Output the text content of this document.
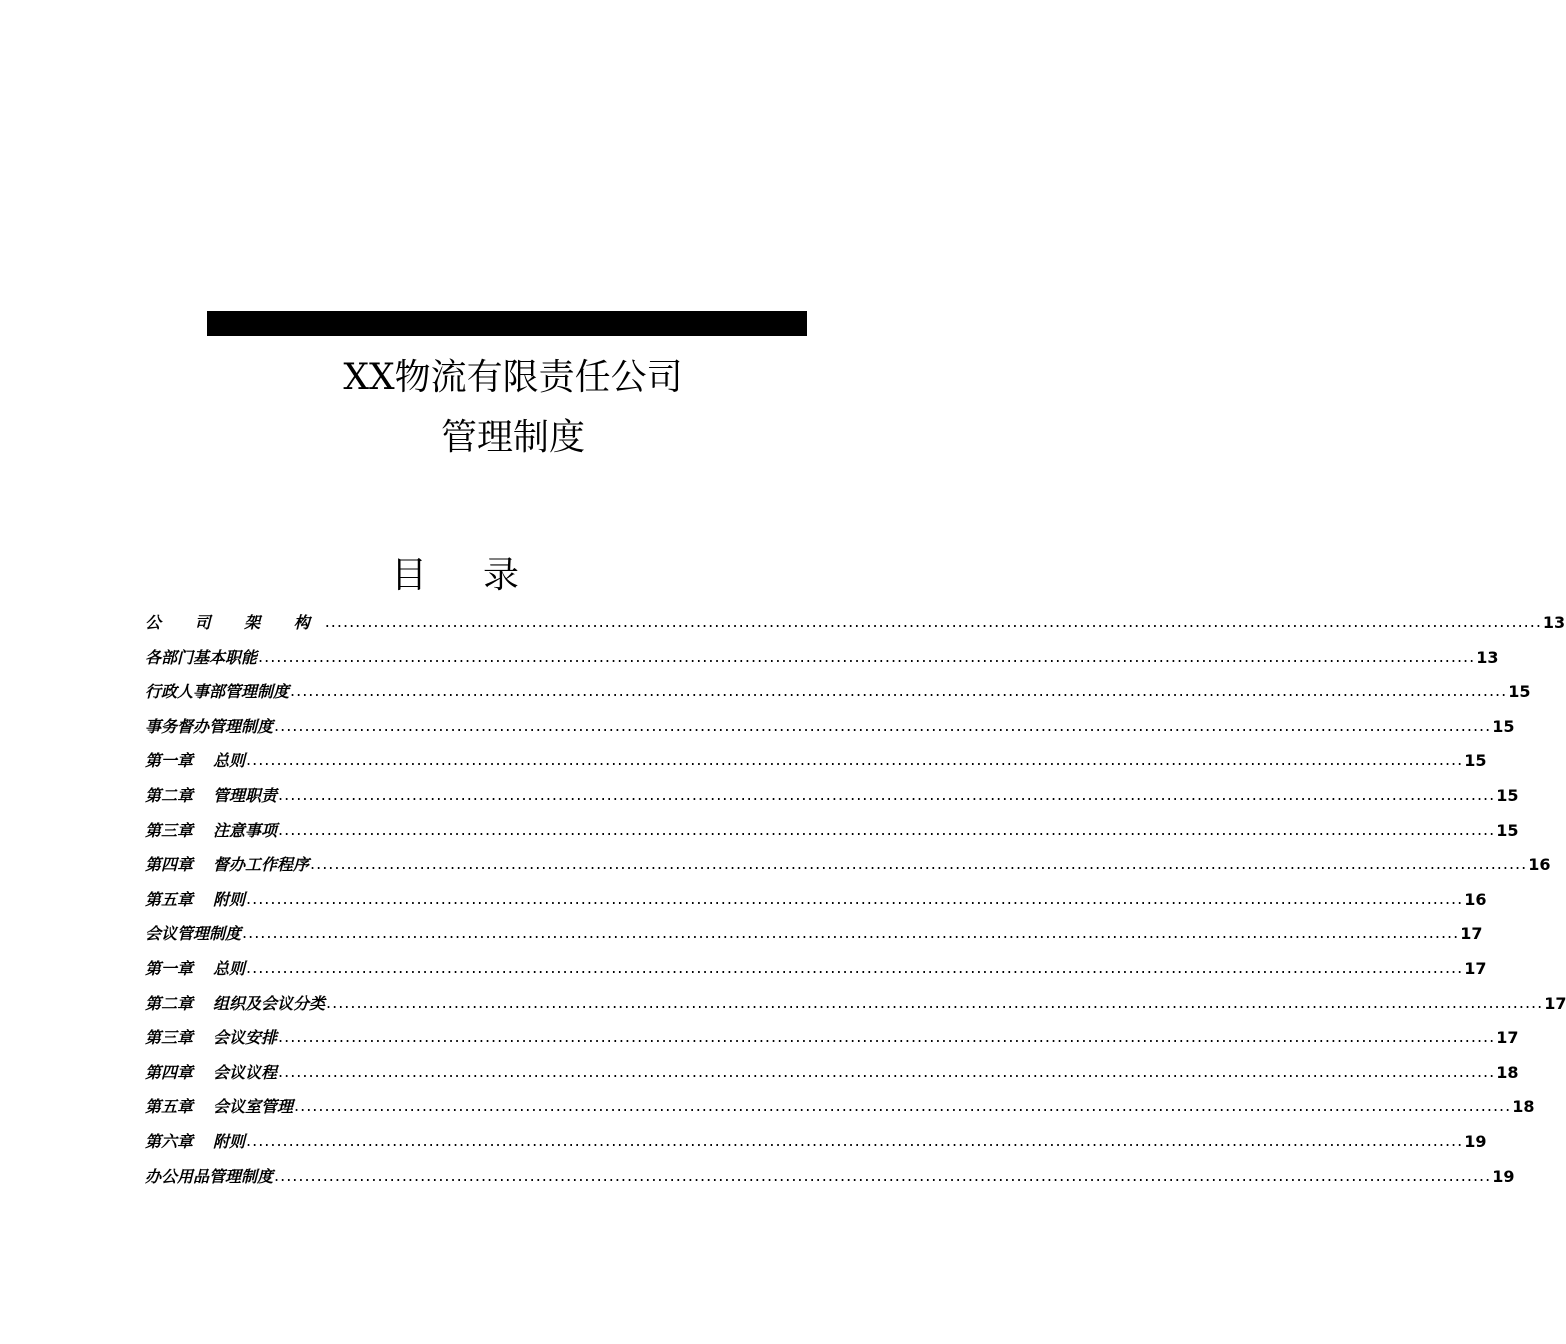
XX物流有限责任公司
管理制度
目 录
公 司 架 构 ........................................................................................................................................................................................................ 13
各部门基本职能 ........................................................................................................................................................................................................ 13
行政人事部管理制度 ........................................................................................................................................................................................................ 15
事务督办管理制度 ........................................................................................................................................................................................................ 15
第一章 总则 ........................................................................................................................................................................................................ 15
第二章 管理职责 ........................................................................................................................................................................................................ 15
第三章 注意事项 ........................................................................................................................................................................................................ 15
第四章 督办工作程序 ........................................................................................................................................................................................................ 16
第五章 附则 ........................................................................................................................................................................................................ 16
会议管理制度 ........................................................................................................................................................................................................ 17
第一章 总则 ........................................................................................................................................................................................................ 17
第二章 组织及会议分类 ........................................................................................................................................................................................................ 17
第三章 会议安排 ........................................................................................................................................................................................................ 17
第四章 会议议程 ........................................................................................................................................................................................................ 18
第五章 会议室管理 ........................................................................................................................................................................................................ 18
第六章 附则 ........................................................................................................................................................................................................ 19
办公用品管理制度 ........................................................................................................................................................................................................ 19
